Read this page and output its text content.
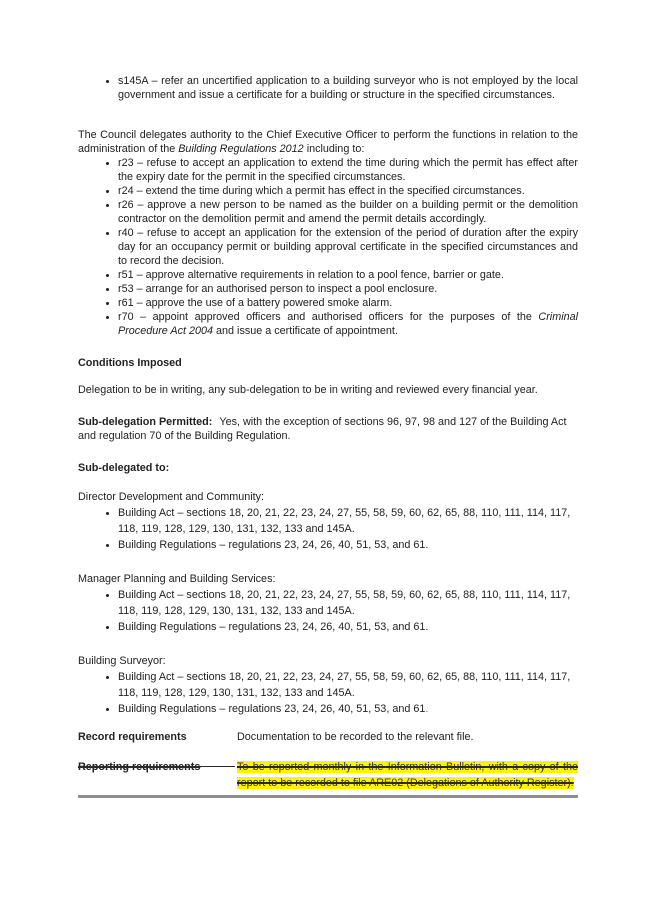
• s145A – refer an uncertified application to a building surveyor who is not employed by the local government and issue a certificate for a building or structure in the specified circumstances.

The Council delegates authority to the Chief Executive Officer to perform the functions in relation to the administration of the Building Regulations 2012 including to:

• r23 – refuse to accept an application to extend the time during which the permit has effect after the expiry date for the permit in the specified circumstances.
• r24 – extend the time during which a permit has effect in the specified circumstances.
• r26 – approve a new person to be named as the builder on a building permit or the demolition contractor on the demolition permit and amend the permit details accordingly.
• r40 – refuse to accept an application for the extension of the period of duration after the expiry day for an occupancy permit or building approval certificate in the specified circumstances and to record the decision.
• r51 – approve alternative requirements in relation to a pool fence, barrier or gate.
• r53 – arrange for an authorised person to inspect a pool enclosure.
• r61 – approve the use of a battery powered smoke alarm.
• r70 – appoint approved officers and authorised officers for the purposes of the Criminal Procedure Act 2004 and issue a certificate of appointment.

Conditions Imposed

Delegation to be in writing, any sub-delegation to be in writing and reviewed every financial year.

Sub-delegation Permitted: Yes, with the exception of sections 96, 97, 98 and 127 of the Building Act and regulation 70 of the Building Regulation.

Sub-delegated to:

Director Development and Community:

• Building Act – sections 18, 20, 21, 22, 23, 24, 27, 55, 58, 59, 60, 62, 65, 88, 110, 111, 114, 117, 118, 119, 128, 129, 130, 131, 132, 133 and 145A.
• Building Regulations – regulations 23, 24, 26, 40, 51, 53, and 61.

Manager Planning and Building Services:

• Building Act – sections 18, 20, 21, 22, 23, 24, 27, 55, 58, 59, 60, 62, 65, 88, 110, 111, 114, 117, 118, 119, 128, 129, 130, 131, 132, 133 and 145A.
• Building Regulations – regulations 23, 24, 26, 40, 51, 53, and 61.

Building Surveyor:

• Building Act – sections 18, 20, 21, 22, 23, 24, 27, 55, 58, 59, 60, 62, 65, 88, 110, 111, 114, 117, 118, 119, 128, 129, 130, 131, 132, 133 and 145A.
• Building Regulations – regulations 23, 24, 26, 40, 51, 53, and 61.
Record requirements	Documentation to be recorded to the relevant file.
Reporting requirements	To be reported monthly in the Information Bulletin, with a copy of the report to be recorded to file ARE02 (Delegations of Authority Register).
